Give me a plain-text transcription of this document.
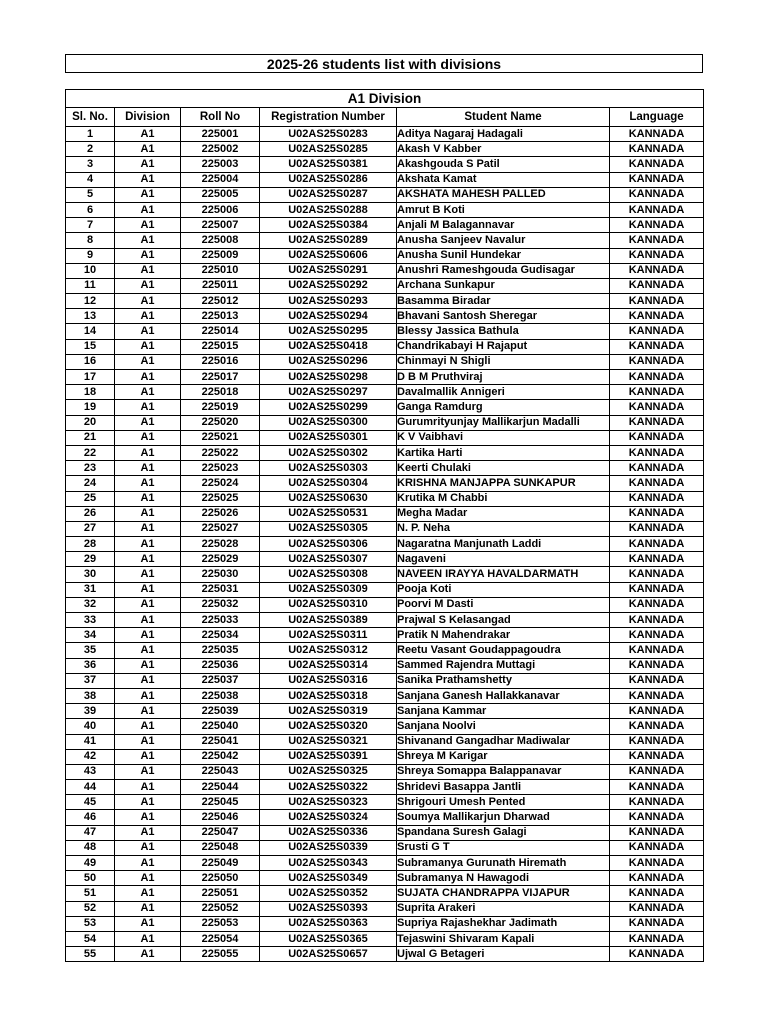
2025-26 students list with divisions
A1 Division					
Sl. No.	Division	Roll No	Registration Number	Student Name	Language
1	A1	225001	U02AS25S0283	Aditya Nagaraj Hadagali	KANNADA
2	A1	225002	U02AS25S0285	Akash V Kabber	KANNADA
3	A1	225003	U02AS25S0381	Akashgouda S Patil	KANNADA
4	A1	225004	U02AS25S0286	Akshata Kamat	KANNADA
5	A1	225005	U02AS25S0287	AKSHATA MAHESH PALLED	KANNADA
6	A1	225006	U02AS25S0288	Amrut B Koti	KANNADA
7	A1	225007	U02AS25S0384	Anjali M Balagannavar	KANNADA
8	A1	225008	U02AS25S0289	Anusha Sanjeev Navalur	KANNADA
9	A1	225009	U02AS25S0606	Anusha Sunil Hundekar	KANNADA
10	A1	225010	U02AS25S0291	Anushri Rameshgouda Gudisagar	KANNADA
11	A1	225011	U02AS25S0292	Archana Sunkapur	KANNADA
12	A1	225012	U02AS25S0293	Basamma Biradar	KANNADA
13	A1	225013	U02AS25S0294	Bhavani Santosh Sheregar	KANNADA
14	A1	225014	U02AS25S0295	Blessy Jassica Bathula	KANNADA
15	A1	225015	U02AS25S0418	Chandrikabayi H Rajaput	KANNADA
16	A1	225016	U02AS25S0296	Chinmayi N Shigli	KANNADA
17	A1	225017	U02AS25S0298	D B M Pruthviraj	KANNADA
18	A1	225018	U02AS25S0297	Davalmallik Annigeri	KANNADA
19	A1	225019	U02AS25S0299	Ganga Ramdurg	KANNADA
20	A1	225020	U02AS25S0300	Gurumrityunjay Mallikarjun Madalli	KANNADA
21	A1	225021	U02AS25S0301	K V Vaibhavi	KANNADA
22	A1	225022	U02AS25S0302	Kartika Harti	KANNADA
23	A1	225023	U02AS25S0303	Keerti Chulaki	KANNADA
24	A1	225024	U02AS25S0304	KRISHNA MANJAPPA SUNKAPUR	KANNADA
25	A1	225025	U02AS25S0630	Krutika M Chabbi	KANNADA
26	A1	225026	U02AS25S0531	Megha Madar	KANNADA
27	A1	225027	U02AS25S0305	N. P. Neha	KANNADA
28	A1	225028	U02AS25S0306	Nagaratna Manjunath Laddi	KANNADA
29	A1	225029	U02AS25S0307	Nagaveni	KANNADA
30	A1	225030	U02AS25S0308	NAVEEN IRAYYA HAVALDARMATH	KANNADA
31	A1	225031	U02AS25S0309	Pooja Koti	KANNADA
32	A1	225032	U02AS25S0310	Poorvi M Dasti	KANNADA
33	A1	225033	U02AS25S0389	Prajwal S Kelasangad	KANNADA
34	A1	225034	U02AS25S0311	Pratik N Mahendrakar	KANNADA
35	A1	225035	U02AS25S0312	Reetu Vasant Goudappagoudra	KANNADA
36	A1	225036	U02AS25S0314	Sammed Rajendra Muttagi	KANNADA
37	A1	225037	U02AS25S0316	Sanika Prathamshetty	KANNADA
38	A1	225038	U02AS25S0318	Sanjana Ganesh Hallakkanavar	KANNADA
39	A1	225039	U02AS25S0319	Sanjana Kammar	KANNADA
40	A1	225040	U02AS25S0320	Sanjana Noolvi	KANNADA
41	A1	225041	U02AS25S0321	Shivanand Gangadhar Madiwalar	KANNADA
42	A1	225042	U02AS25S0391	Shreya M Karigar	KANNADA
43	A1	225043	U02AS25S0325	Shreya Somappa Balappanavar	KANNADA
44	A1	225044	U02AS25S0322	Shridevi Basappa Jantli	KANNADA
45	A1	225045	U02AS25S0323	Shrigouri Umesh Pented	KANNADA
46	A1	225046	U02AS25S0324	Soumya Mallikarjun Dharwad	KANNADA
47	A1	225047	U02AS25S0336	Spandana Suresh Galagi	KANNADA
48	A1	225048	U02AS25S0339	Srusti G T	KANNADA
49	A1	225049	U02AS25S0343	Subramanya Gurunath Hiremath	KANNADA
50	A1	225050	U02AS25S0349	Subramanya N Hawagodi	KANNADA
51	A1	225051	U02AS25S0352	SUJATA CHANDRAPPA VIJAPUR	KANNADA
52	A1	225052	U02AS25S0393	Suprita Arakeri	KANNADA
53	A1	225053	U02AS25S0363	Supriya Rajashekhar Jadimath	KANNADA
54	A1	225054	U02AS25S0365	Tejaswini Shivaram Kapali	KANNADA
55	A1	225055	U02AS25S0657	Ujwal G Betageri	KANNADA
